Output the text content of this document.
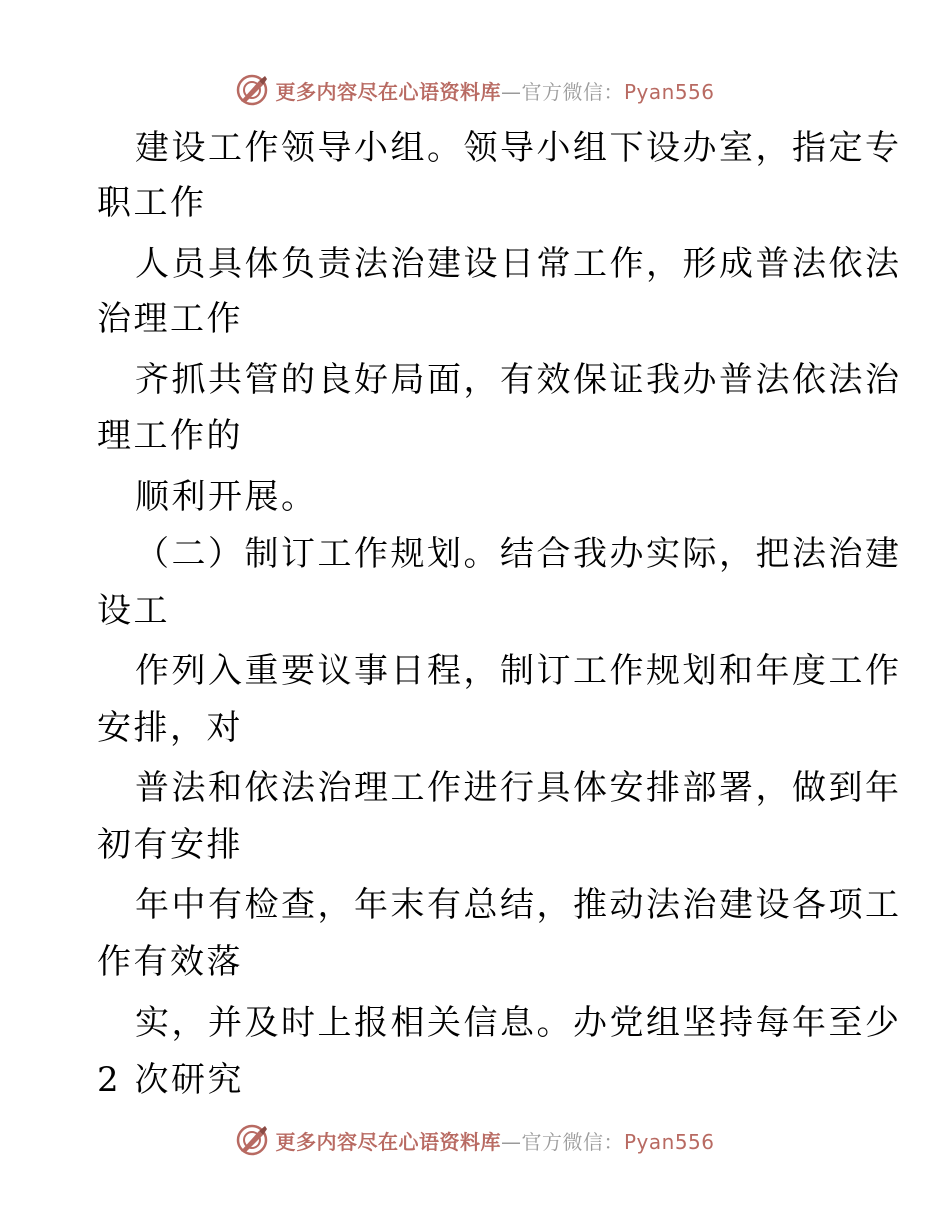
更多内容尽在心语资料库—官方微信：Pyan556
建设工作领导小组。领导小组下设办室，指定专
职工作
人员具体负责法治建设日常工作，形成普法依法
治理工作
齐抓共管的良好局面，有效保证我办普法依法治
理工作的
顺利开展。
（二）制订工作规划。结合我办实际，把法治建
设工
作列入重要议事日程，制订工作规划和年度工作
安排，对
普法和依法治理工作进行具体安排部署，做到年
初有安排
年中有检查，年末有总结，推动法治建设各项工
作有效落
实，并及时上报相关信息。办党组坚持每年至少
2 次研究
更多内容尽在心语资料库—官方微信：Pyan556
